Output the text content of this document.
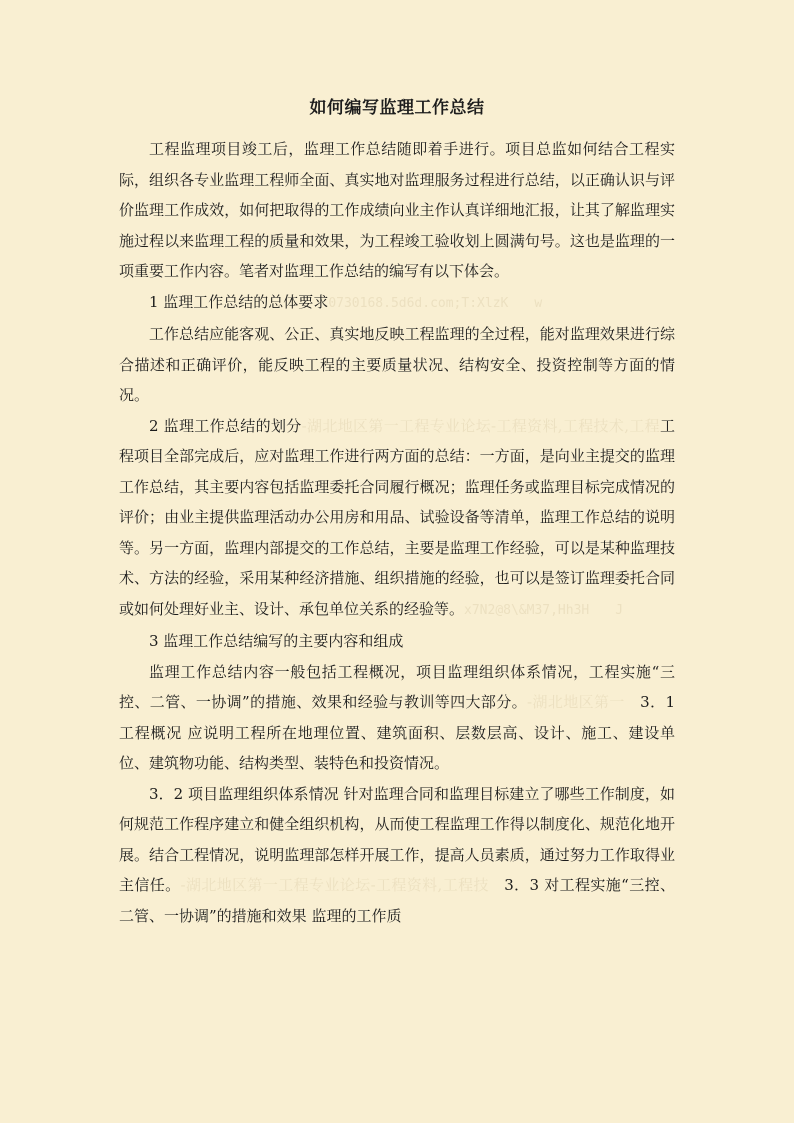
如何编写监理工作总结

工程监理项目竣工后，监理工作总结随即着手进行。项目总监如何结合工程实际，组织各专业监理工程师全面、真实地对监理服务过程进行总结，以正确认识与评价监理工作成效，如何把取得的工作成绩向业主作认真详细地汇报，让其了解监理实施过程以来监理工程的质量和效果，为工程竣工验收划上圆满句号。这也是监理的一项重要工作内容。笔者对监理工作总结的编写有以下体会。

1 监理工作总结的总体要求0730168.5d6d.com;T:XlzK　　w

工作总结应能客观、公正、真实地反映工程监理的全过程，能对监理效果进行综合描述和正确评价，能反映工程的主要质量状况、结构安全、投资控制等方面的情况。

2 监理工作总结的划分-湖北地区第一工程专业论坛-工程资料,工程技术,工程工程项目全部完成后，应对监理工作进行两方面的总结：一方面，是向业主提交的监理工作总结，其主要内容包括监理委托合同履行概况；监理任务或监理目标完成情况的评价；由业主提供监理活动办公用房和用品、试验设备等清单，监理工作总结的说明等。另一方面，监理内部提交的工作总结，主要是监理工作经验，可以是某种监理技术、方法的经验，采用某种经济措施、组织措施的经验，也可以是签订监理委托合同或如何处理好业主、设计、承包单位关系的经验等。x7N2@8\&M37,Hh3H　　J

3 监理工作总结编写的主要内容和组成

监理工作总结内容一般包括工程概况，项目监理组织体系情况，工程实施“三控、二管、一协调”的措施、效果和经验与教训等四大部分。-湖北地区第一　3．1 工程概况 应说明工程所在地理位置、建筑面积、层数层高、设计、施工、建设单位、建筑物功能、结构类型、装特色和投资情况。

3．2 项目监理组织体系情况 针对监理合同和监理目标建立了哪些工作制度，如何规范工作程序建立和健全组织机构，从而使工程监理工作得以制度化、规范化地开展。结合工程情况，说明监理部怎样开展工作，提高人员素质，通过努力工作取得业主信任。-湖北地区第一工程专业论坛-工程资料,工程技　3．3 对工程实施“三控、二管、一协调”的措施和效果 监理的工作质
